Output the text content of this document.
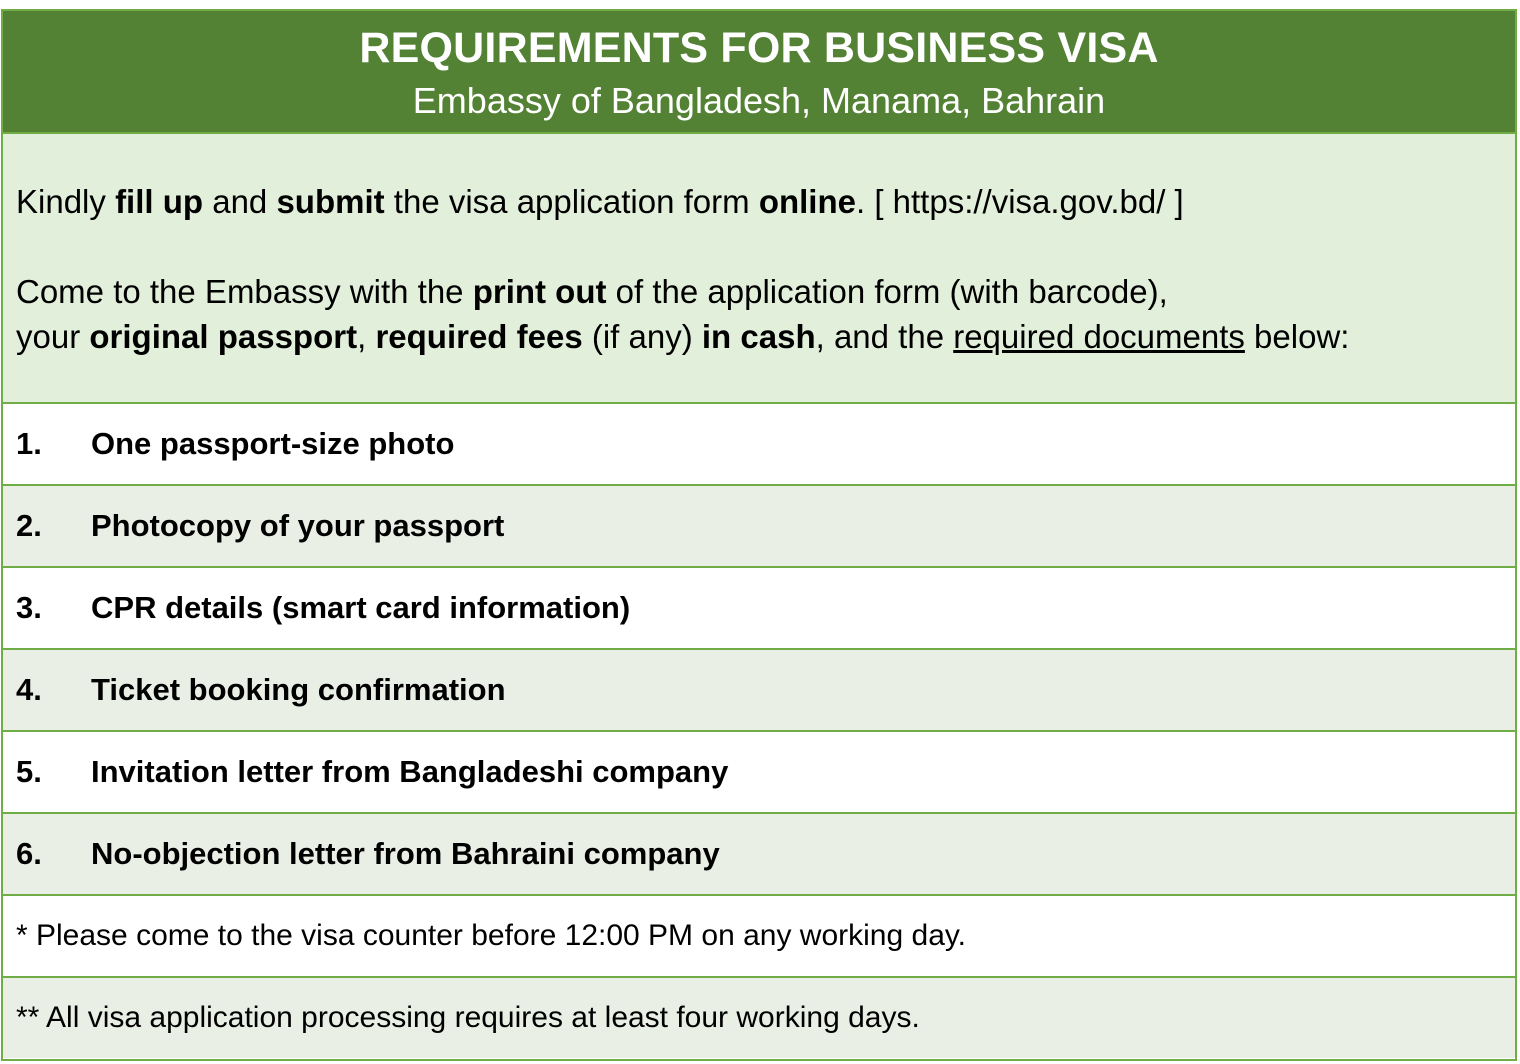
REQUIREMENTS FOR BUSINESS VISA
Embassy of Bangladesh, Manama, Bahrain
Kindly fill up and submit the visa application form online. [ https://visa.gov.bd/ ]
Come to the Embassy with the print out of the application form (with barcode),
your original passport, required fees (if any) in cash, and the required documents below:
1. One passport-size photo
2. Photocopy of your passport
3. CPR details (smart card information)
4. Ticket booking confirmation
5. Invitation letter from Bangladeshi company
6. No-objection letter from Bahraini company
* Please come to the visa counter before 12:00 PM on any working day.
** All visa application processing requires at least four working days.
